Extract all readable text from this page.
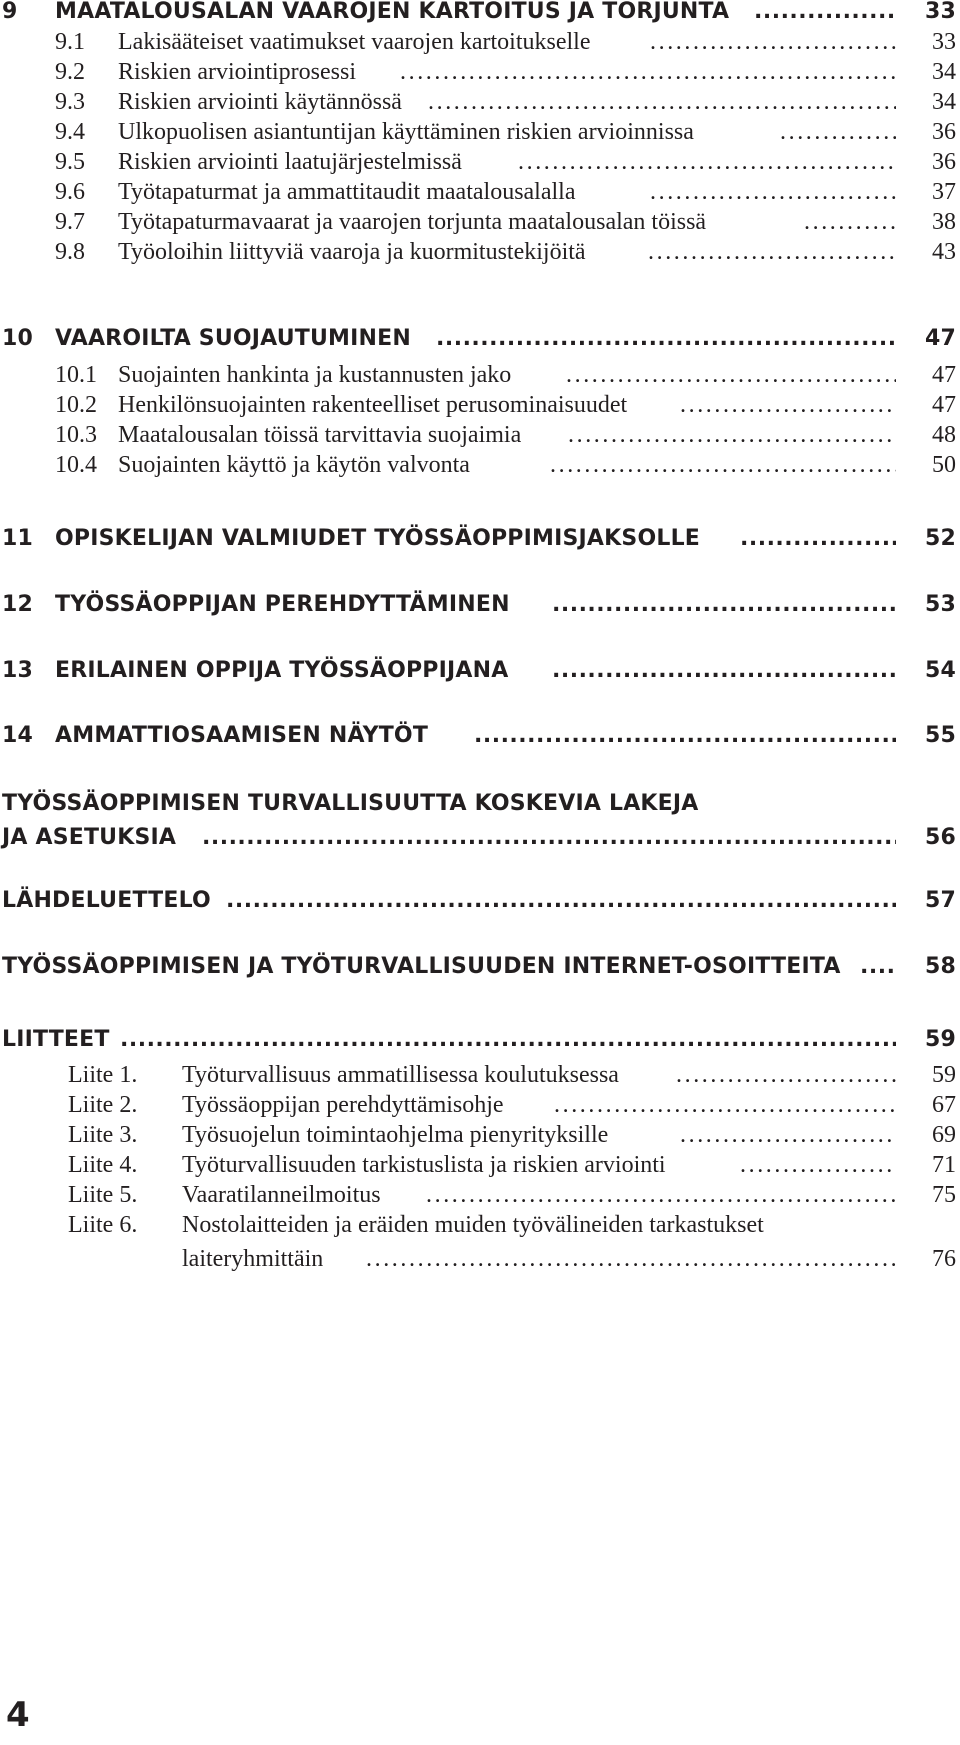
9 MAATALOUSALAN VAAROJEN KARTOITUS JA TORJUNTA .....	33
9.1 Lakisääteiset vaatimukset vaarojen kartoitukselle .....	33
9.2 Riskien arviointiprosessi .....	34
9.3 Riskien arviointi käytännössä .....	34
9.4 Ulkopuolisen asiantuntijan käyttäminen riskien arvioinnissa .....	36
9.5 Riskien arviointi laatujärjestelmissä .....	36
9.6 Työtapaturmat ja ammattitaudit maatalousalalla .....	37
9.7 Työtapaturmavaarat ja vaarojen torjunta maatalousalan töissä .....	38
9.8 Työoloihin liittyviä vaaroja ja kuormitustekijöitä .....	43
10 VAAROILTA SUOJAUTUMINEN .....	47
10.1 Suojainten hankinta ja kustannusten jako .....	47
10.2 Henkilönsuojainten rakenteelliset perusominaisuudet .....	47
10.3 Maatalousalan töissä tarvittavia suojaimia .....	48
10.4 Suojainten käyttö ja käytön valvonta .....	50
11 OPISKELIJAN VALMIUDET TYÖSSÄOPPIMISJAKSOLLE .....	52
12 TYÖSSÄOPPIJAN PEREHDYTTÄMINEN .....	53
13 ERILAINEN OPPIJA TYÖSSÄOPPIJANA .....	54
14 AMMATTIOSAAMISEN NÄYTÖT .....	55
TYÖSSÄOPPIMISEN TURVALLISUUTTA KOSKEVIA LAKEJA
JA ASETUKSIA .....	56
LÄHDELUETTELO .....	57
TYÖSSÄOPPIMISEN JA TYÖTURVALLISUUDEN INTERNET-OSOITTEITA .....	58
LIITTEET .....	59
Liite 1. Työturvallisuus ammatillisessa koulutuksessa .....	59
Liite 2. Työssäoppijan perehdyttämisohje .....	67
Liite 3. Työsuojelun toimintaohjelma pienyrityksille .....	69
Liite 4. Työturvallisuuden tarkistuslista ja riskien arviointi .....	71
Liite 5. Vaaratilanneilmoitus .....	75
Liite 6. Nostolaitteiden ja eräiden muiden työvälineiden tarkastukset
laiteryhmittäin .....	76
4
